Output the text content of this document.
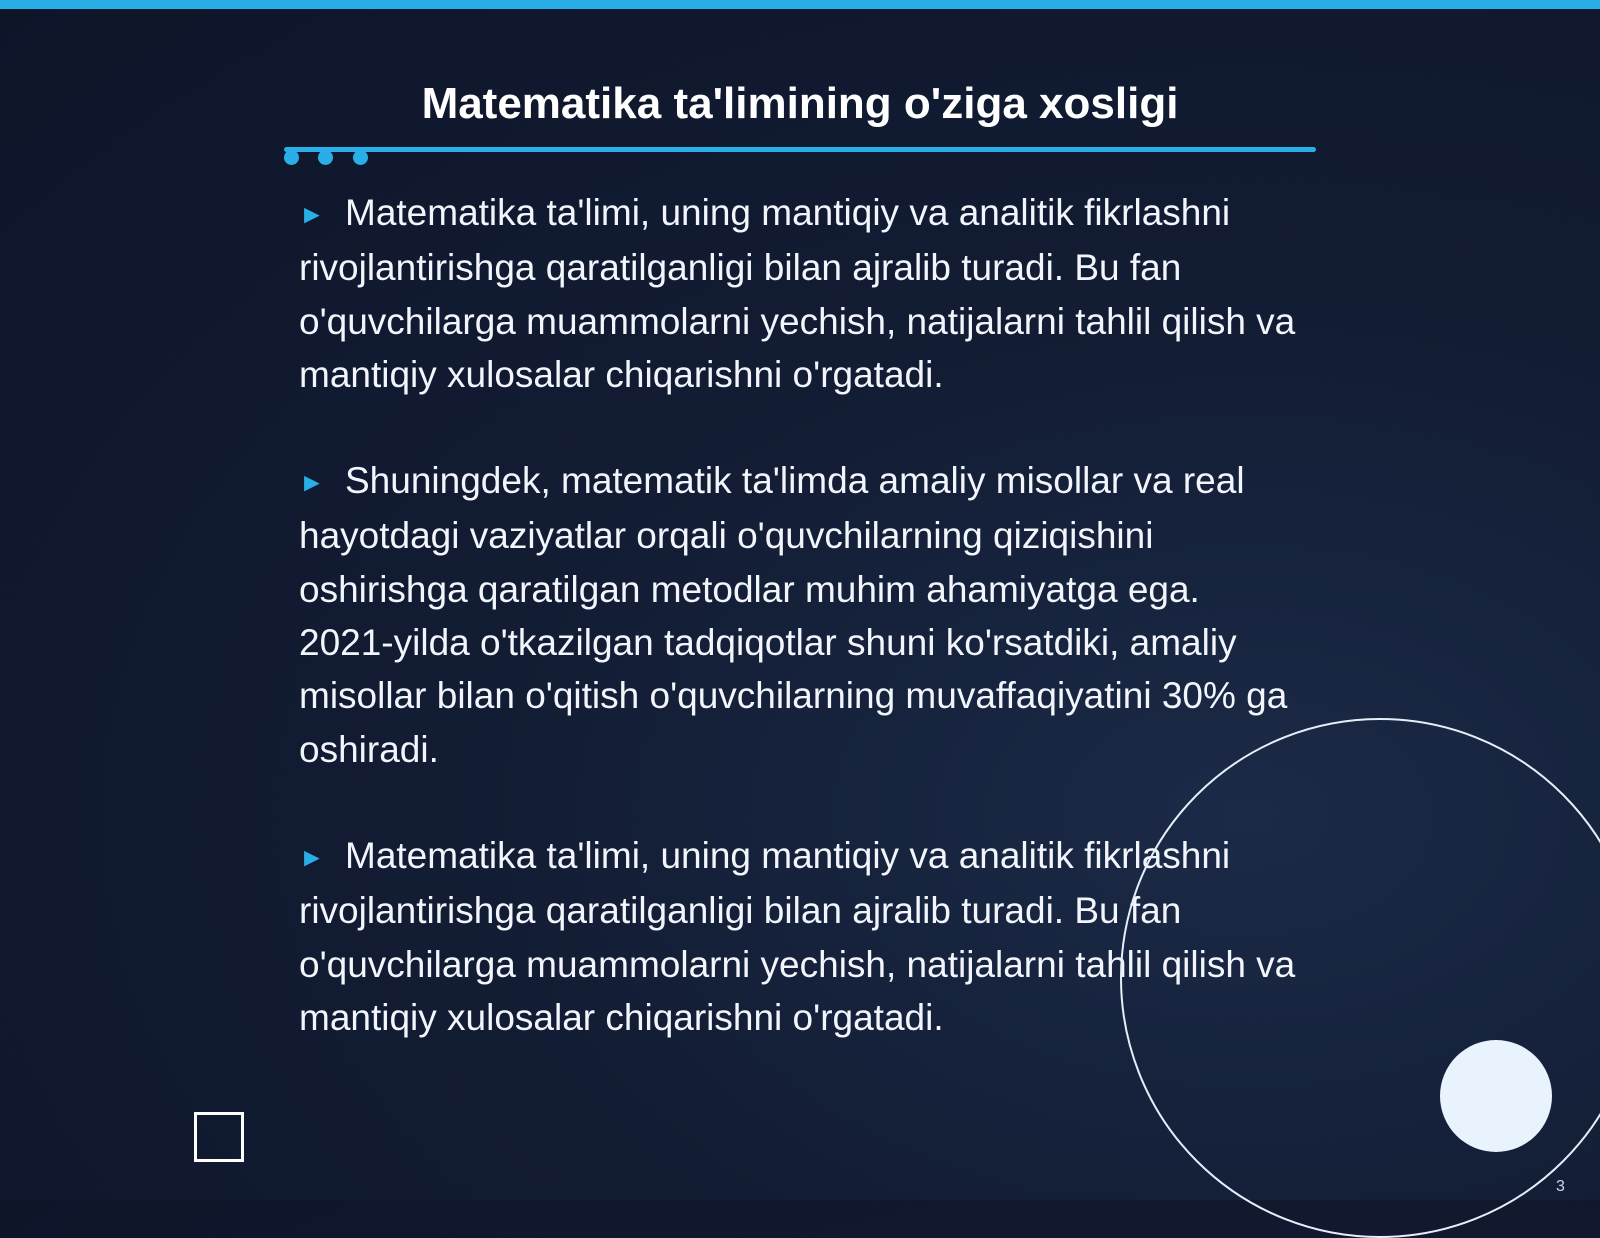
Matematika ta'limining o'ziga xosligi

► Matematika ta'limi, uning mantiqiy va analitik fikrlashni rivojlantirishga qaratilganligi bilan ajralib turadi. Bu fan o'quvchilarga muammolarni yechish, natijalarni tahlil qilish va mantiqiy xulosalar chiqarishni o'rgatadi.

► Shuningdek, matematik ta'limda amaliy misollar va real hayotdagi vaziyatlar orqali o'quvchilarning qiziqishini oshirishga qaratilgan metodlar muhim ahamiyatga ega. 2021-yilda o'tkazilgan tadqiqotlar shuni ko'rsatdiki, amaliy misollar bilan o'qitish o'quvchilarning muvaffaqiyatini 30% ga oshiradi.

► Matematika ta'limi, uning mantiqiy va analitik fikrlashni rivojlantirishga qaratilganligi bilan ajralib turadi. Bu fan o'quvchilarga muammolarni yechish, natijalarni tahlil qilish va mantiqiy xulosalar chiqarishni o'rgatadi.

3
